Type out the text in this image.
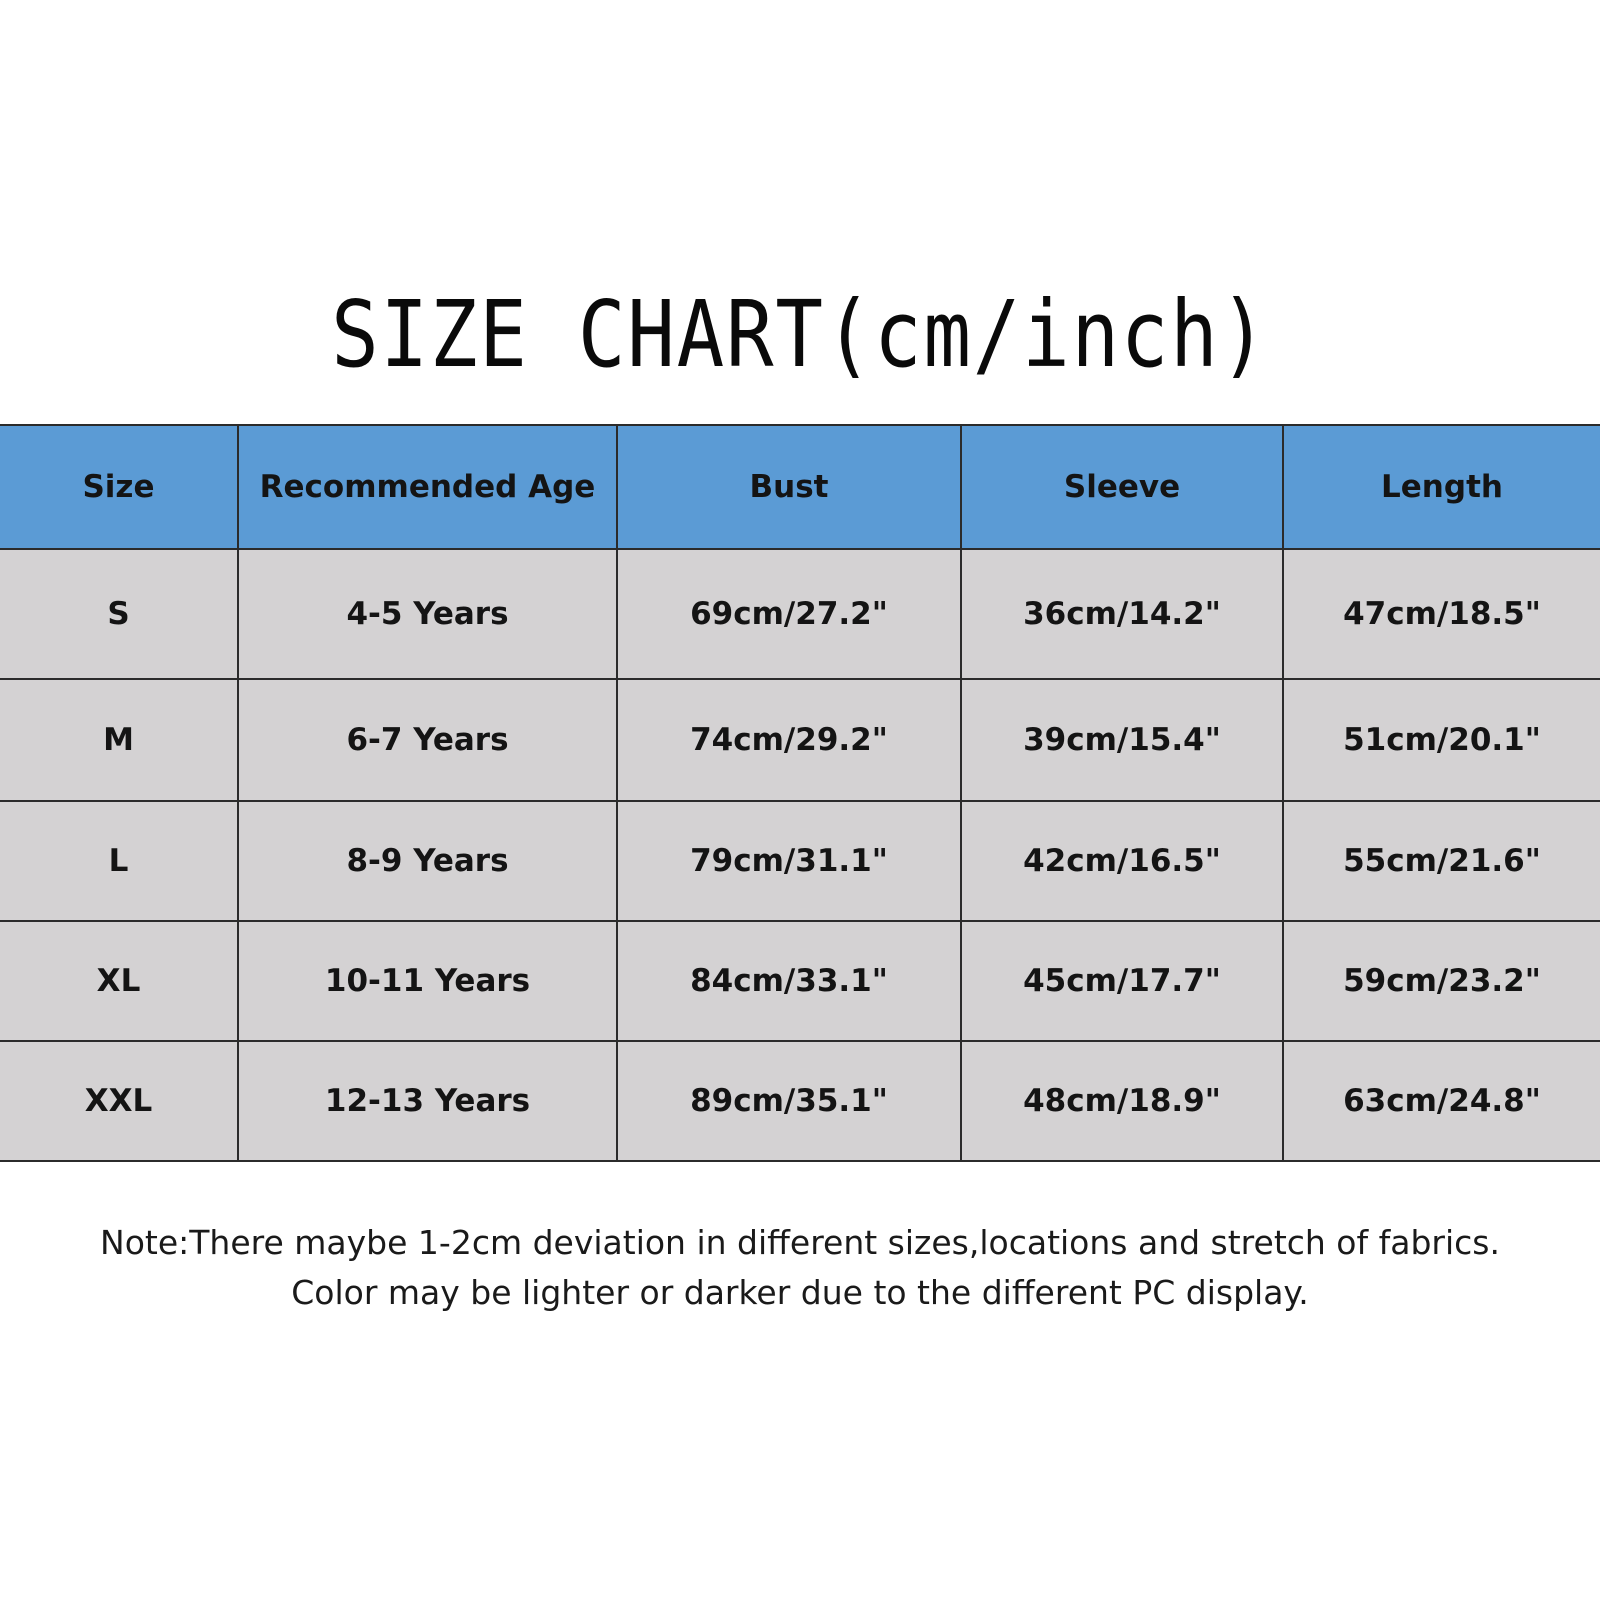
SIZE CHART(cm/inch)
Size	Recommended Age	Bust	Sleeve	Length
S	4-5 Years	69cm/27.2"	36cm/14.2"	47cm/18.5"
M	6-7 Years	74cm/29.2"	39cm/15.4"	51cm/20.1"
L	8-9 Years	79cm/31.1"	42cm/16.5"	55cm/21.6"
XL	10-11 Years	84cm/33.1"	45cm/17.7"	59cm/23.2"
XXL	12-13 Years	89cm/35.1"	48cm/18.9"	63cm/24.8"
Note:There maybe 1-2cm deviation in different sizes,locations and stretch of fabrics.
Color may be lighter or darker due to the different PC display.
